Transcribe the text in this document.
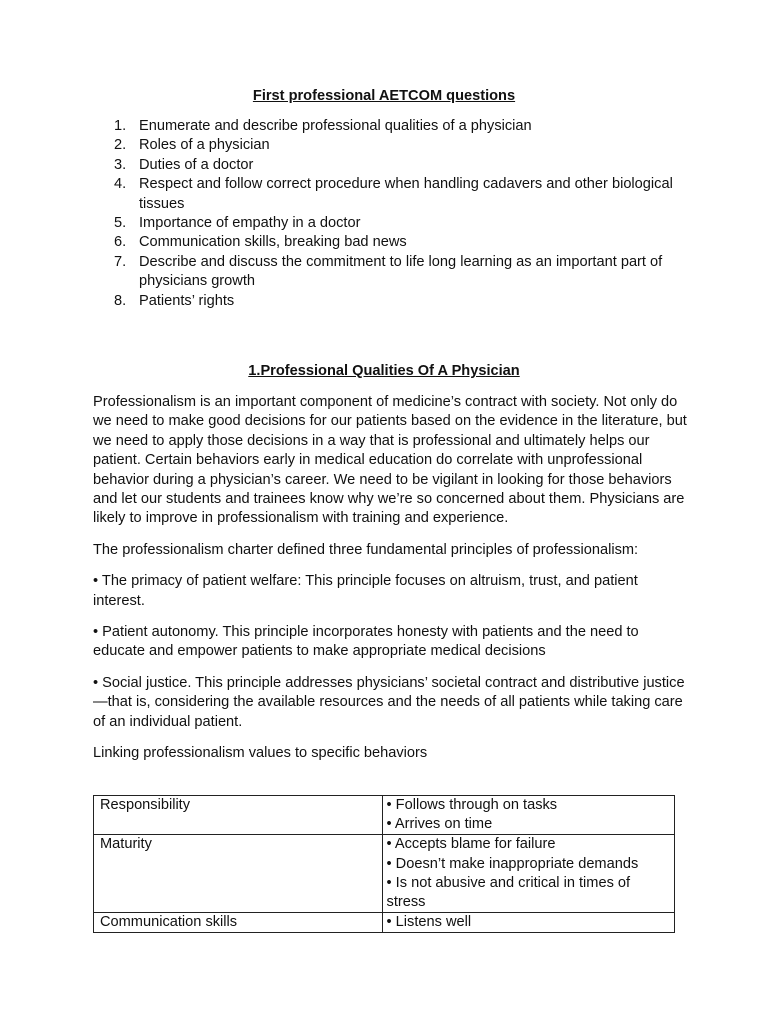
First professional AETCOM questions
1. Enumerate and describe professional qualities of a physician
2. Roles of a physician
3. Duties of a doctor
4. Respect and follow correct procedure when handling cadavers and other biological tissues
5. Importance of empathy in a doctor
6. Communication skills, breaking bad news
7. Describe and discuss the commitment to life long learning as an important part of physicians growth
8. Patients’ rights
1.Professional Qualities Of A Physician

Professionalism is an important component of medicine’s contract with society. Not only do we need to make good decisions for our patients based on the evidence in the literature, but we need to apply those decisions in a way that is professional and ultimately helps our patient. Certain behaviors early in medical education do correlate with unprofessional behavior during a physician’s career. We need to be vigilant in looking for those behaviors and let our students and trainees know why we’re so concerned about them. Physicians are likely to improve in professionalism with training and experience.

The professionalism charter defined three fundamental principles of professionalism:

• The primacy of patient welfare: This principle focuses on altruism, trust, and patient interest.

• Patient autonomy. This principle incorporates honesty with patients and the need to educate and empower patients to make appropriate medical decisions

• Social justice. This principle addresses physicians’ societal contract and distributive justice—that is, considering the available resources and the needs of all patients while taking care of an individual patient.

Linking professionalism values to specific behaviors

Responsibility	• Follows through on tasks
• Arrives on time

Maturity	• Accepts blame for failure
• Doesn’t make inappropriate demands
• Is not abusive and critical in times of stress

Communication skills	• Listens well
